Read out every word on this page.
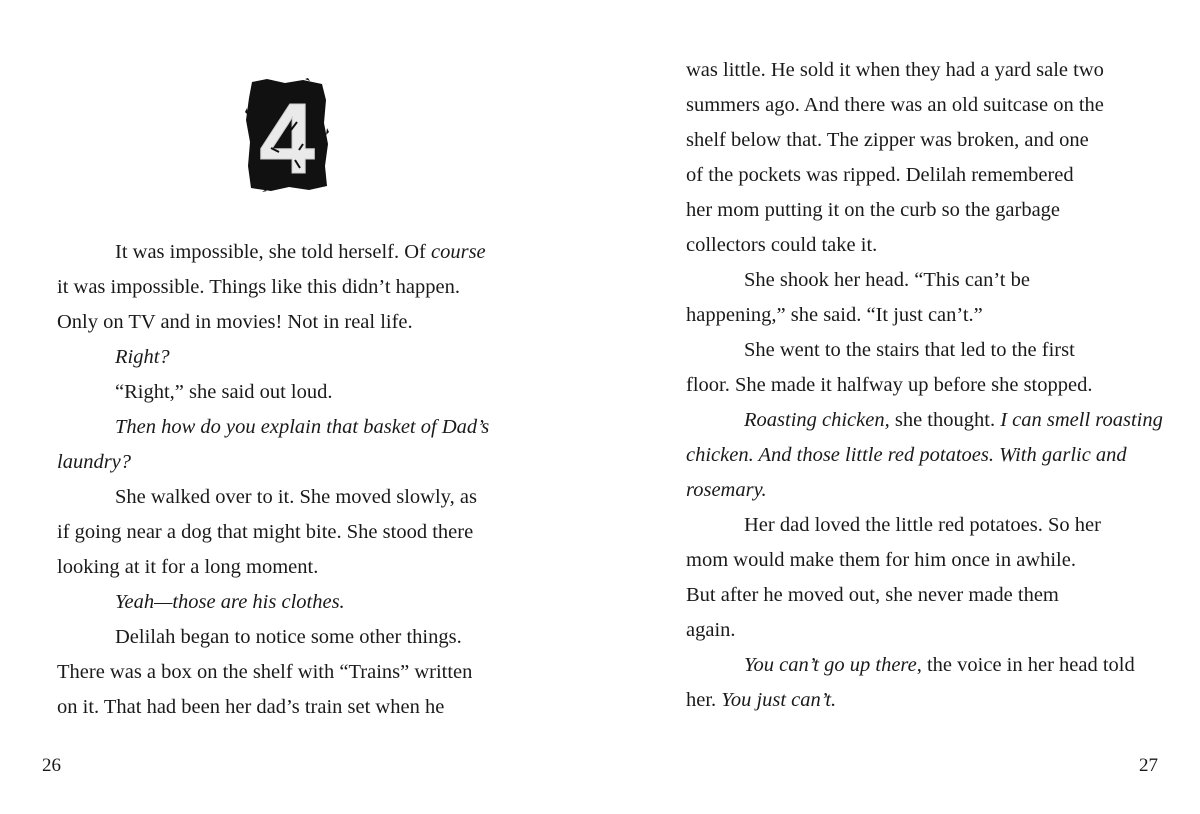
4
It was impossible, she told herself. Of course
it was impossible. Things like this didn’t happen.
Only on TV and in movies! Not in real life.
Right?
“Right,” she said out loud.
Then how do you explain that basket of Dad’s
laundry?
She walked over to it. She moved slowly, as
if going near a dog that might bite. She stood there
looking at it for a long moment.
Yeah—those are his clothes.
Delilah began to notice some other things.
There was a box on the shelf with “Trains” written
on it. That had been her dad’s train set when he
26
was little. He sold it when they had a yard sale two
summers ago. And there was an old suitcase on the
shelf below that. The zipper was broken, and one
of the pockets was ripped. Delilah remembered
her mom putting it on the curb so the garbage
collectors could take it.
She shook her head. “This can’t be
happening,” she said. “It just can’t.”
She went to the stairs that led to the first
floor. She made it halfway up before she stopped.
Roasting chicken, she thought. I can smell roasting
chicken. And those little red potatoes. With garlic and
rosemary.
Her dad loved the little red potatoes. So her
mom would make them for him once in awhile.
But after he moved out, she never made them
again.
You can’t go up there, the voice in her head told
her. You just can’t.
27
